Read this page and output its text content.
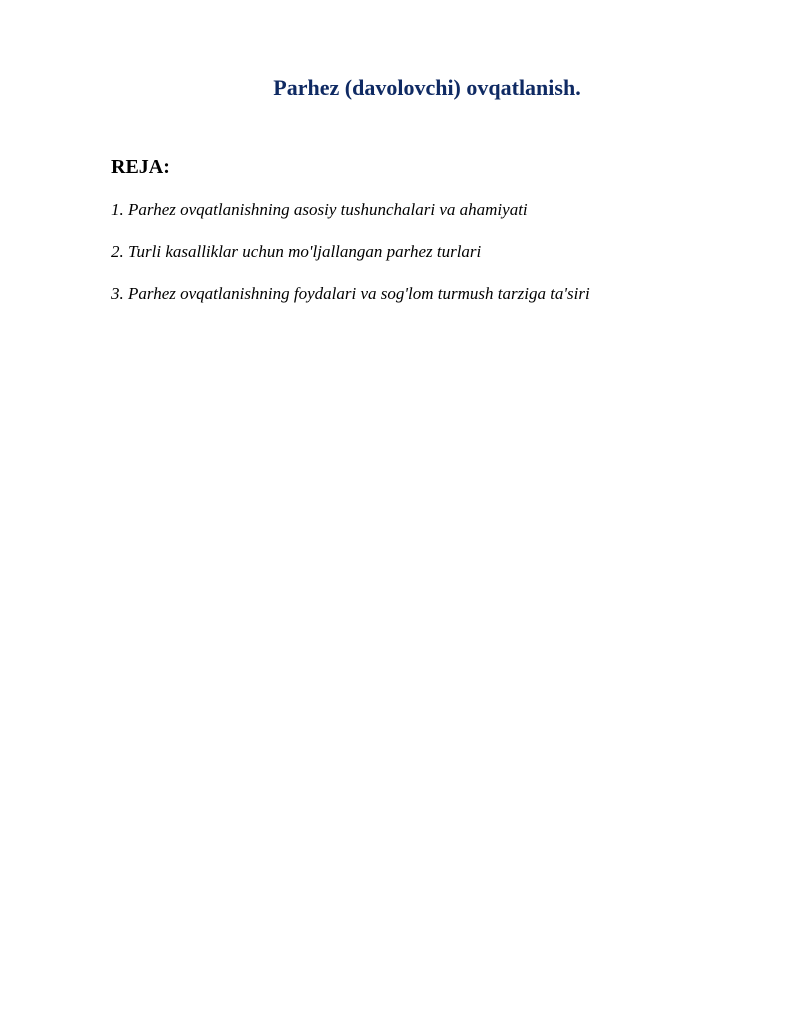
Parhez (davolovchi) ovqatlanish.
REJA:
1. Parhez ovqatlanishning asosiy tushunchalari va ahamiyati
2. Turli kasalliklar uchun mo'ljallangan parhez turlari
3. Parhez ovqatlanishning foydalari va sog'lom turmush tarziga ta'siri
